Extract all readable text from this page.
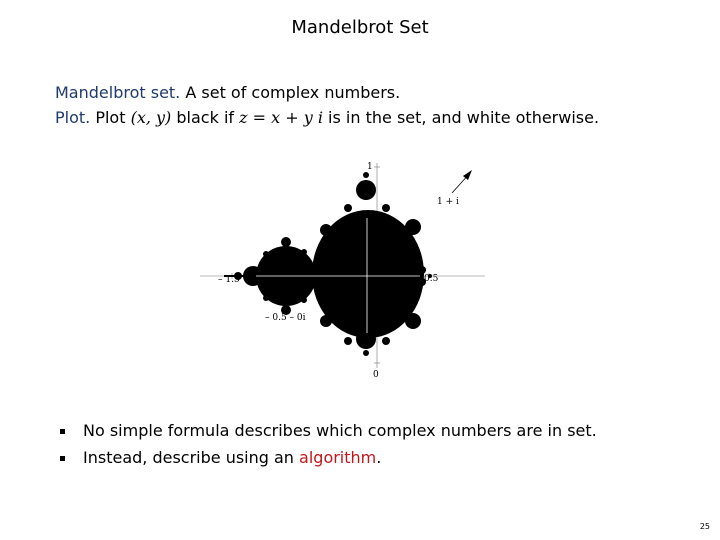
Mandelbrot Set
Mandelbrot set. A set of complex numbers.
Plot. Plot (x, y) black if z = x + y i is in the set, and white otherwise.
1 + i
1
– 1.5	0.5
0
– 0.5 – 0i
No simple formula describes which complex numbers are in set.
Instead, describe using an algorithm.
25
